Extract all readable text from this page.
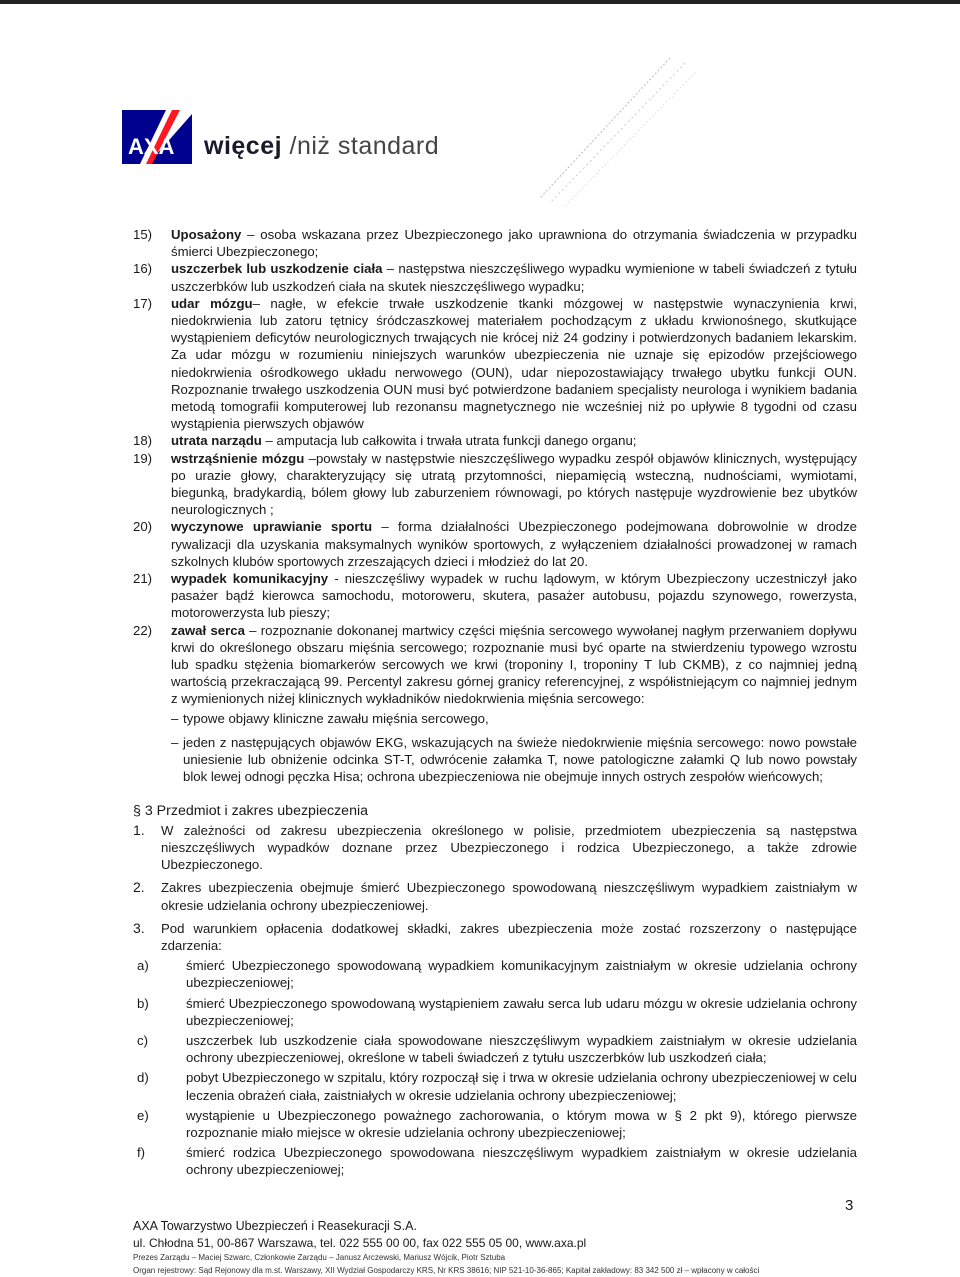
AXA więcej /niż standard
15)	Uposażony – osoba wskazana przez Ubezpieczonego jako uprawniona do otrzymania świadczenia w przypadku śmierci Ubezpieczonego;
16)	uszczerbek lub uszkodzenie ciała – następstwa nieszczęśliwego wypadku wymienione w tabeli świadczeń z tytułu uszczerbków lub uszkodzeń ciała na skutek nieszczęśliwego wypadku;
17)	udar mózgu– nagłe, w efekcie trwałe uszkodzenie tkanki mózgowej w następstwie wynaczynienia krwi, niedokrwienia lub zatoru tętnicy śródczaszkowej materiałem pochodzącym z układu krwionośnego, skutkujące wystąpieniem deficytów neurologicznych trwających nie krócej niż 24 godziny i potwierdzonych badaniem lekarskim. Za udar mózgu w rozumieniu niniejszych warunków ubezpieczenia nie uznaje się epizodów przejściowego niedokrwienia ośrodkowego układu nerwowego (OUN), udar niepozostawiający trwałego ubytku funkcji OUN. Rozpoznanie trwałego uszkodzenia OUN musi być potwierdzone badaniem specjalisty neurologa i wynikiem badania metodą tomografii komputerowej lub rezonansu magnetycznego nie wcześniej niż po upływie 8 tygodni od czasu wystąpienia pierwszych objawów
18)	utrata narządu – amputacja lub całkowita i trwała utrata funkcji danego organu;
19)	wstrząśnienie mózgu –powstały w następstwie nieszczęśliwego wypadku zespół objawów klinicznych, występujący po urazie głowy, charakteryzujący się utratą przytomności, niepamięcią wsteczną, nudnościami, wymiotami, biegunką, bradykardią, bólem głowy lub zaburzeniem równowagi, po których następuje wyzdrowienie bez ubytków neurologicznych ;
20)	wyczynowe uprawianie sportu – forma działalności Ubezpieczonego podejmowana dobrowolnie w drodze rywalizacji dla uzyskania maksymalnych wyników sportowych, z wyłączeniem działalności prowadzonej w ramach szkolnych klubów sportowych zrzeszających dzieci i młodzież do lat 20.
21)	wypadek komunikacyjny - nieszczęśliwy wypadek w ruchu lądowym, w którym Ubezpieczony uczestniczył jako pasażer bądź kierowca samochodu, motoroweru, skutera, pasażer autobusu, pojazdu szynowego, rowerzysta, motorowerzysta lub pieszy;
22)	zawał serca – rozpoznanie dokonanej martwicy części mięśnia sercowego wywołanej nagłym przerwaniem dopływu krwi do określonego obszaru mięśnia sercowego; rozpoznanie musi być oparte na stwierdzeniu typowego wzrostu lub spadku stężenia biomarkerów sercowych we krwi (troponiny I, troponiny T lub CKMB), z co najmniej jedną wartością przekraczającą 99. Percentyl zakresu górnej granicy referencyjnej, z współistniejącym co najmniej jednym z wymienionych niżej klinicznych wykładników niedokrwienia mięśnia sercowego:
– typowe objawy kliniczne zawału mięśnia sercowego,
– jeden z następujących objawów EKG, wskazujących na świeże niedokrwienie mięśnia sercowego: nowo powstałe uniesienie lub obniżenie odcinka ST-T, odwrócenie załamka T, nowe patologiczne załamki Q lub nowo powstały blok lewej odnogi pęczka Hisa; ochrona ubezpieczeniowa nie obejmuje innych ostrych zespołów wieńcowych;
§ 3 Przedmiot i zakres ubezpieczenia
1.	W zależności od zakresu ubezpieczenia określonego w polisie, przedmiotem ubezpieczenia są następstwa nieszczęśliwych wypadków doznane przez Ubezpieczonego i rodzica Ubezpieczonego, a także zdrowie Ubezpieczonego.
2.	Zakres ubezpieczenia obejmuje śmierć Ubezpieczonego spowodowaną nieszczęśliwym wypadkiem zaistniałym w okresie udzielania ochrony ubezpieczeniowej.
3.	Pod warunkiem opłacenia dodatkowej składki, zakres ubezpieczenia może zostać rozszerzony o następujące zdarzenia:
a)	śmierć Ubezpieczonego spowodowaną wypadkiem komunikacyjnym zaistniałym w okresie udzielania ochrony ubezpieczeniowej;
b)	śmierć Ubezpieczonego spowodowaną wystąpieniem zawału serca lub udaru mózgu w okresie udzielania ochrony ubezpieczeniowej;
c)	uszczerbek lub uszkodzenie ciała spowodowane nieszczęśliwym wypadkiem zaistniałym w okresie udzielania ochrony ubezpieczeniowej, określone w tabeli świadczeń z tytułu uszczerbków lub uszkodzeń ciała;
d)	pobyt Ubezpieczonego w szpitalu, który rozpoczął się i trwa w okresie udzielania ochrony ubezpieczeniowej w celu leczenia obrażeń ciała, zaistniałych w okresie udzielania ochrony ubezpieczeniowej;
e)	wystąpienie u Ubezpieczonego poważnego zachorowania, o którym mowa w § 2 pkt 9), którego pierwsze rozpoznanie miało miejsce w okresie udzielania ochrony ubezpieczeniowej;
f)	śmierć rodzica Ubezpieczonego spowodowana nieszczęśliwym wypadkiem zaistniałym w okresie udzielania ochrony ubezpieczeniowej;
3
AXA Towarzystwo Ubezpieczeń i Reasekuracji S.A.
ul. Chłodna 51, 00-867 Warszawa, tel. 022 555 00 00, fax 022 555 05 00, www.axa.pl
Prezes Zarządu – Maciej Szwarc, Członkowie Zarządu – Janusz Arczewski, Mariusz Wójcik, Piotr Sztuba
Organ rejestrowy: Sąd Rejonowy dla m.st. Warszawy, XII Wydział Gospodarczy KRS, Nr KRS 38616; NIP 521-10-36-865; Kapitał zakładowy: 83 342 500 zł – wpłacony w całości
